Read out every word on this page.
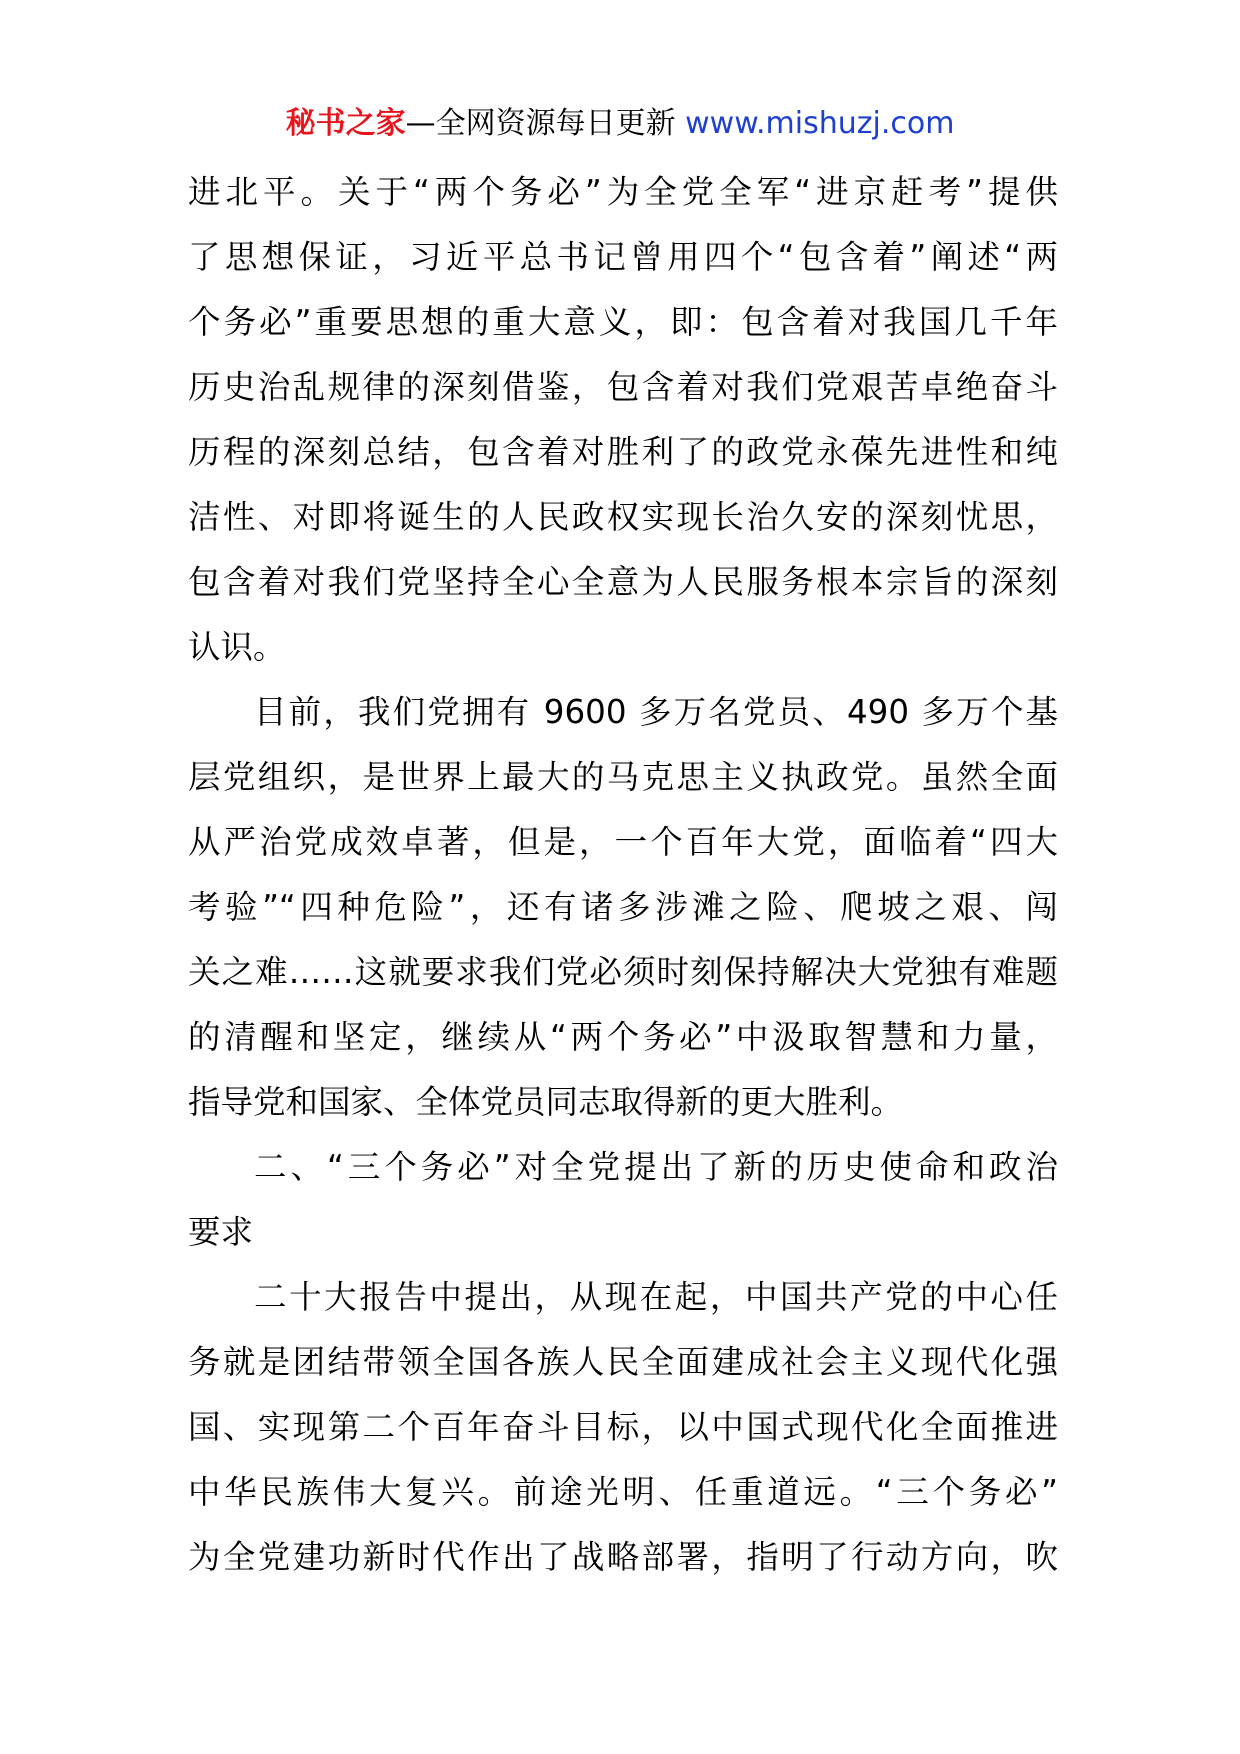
秘书之家—全网资源每日更新 www.mishuzj.com
进北平。关于“两个务必”为全党全军“进京赶考”提供
了思想保证，习近平总书记曾用四个“包含着”阐述“两
个务必”重要思想的重大意义，即：包含着对我国几千年
历史治乱规律的深刻借鉴，包含着对我们党艰苦卓绝奋斗
历程的深刻总结，包含着对胜利了的政党永葆先进性和纯
洁性、对即将诞生的人民政权实现长治久安的深刻忧思，
包含着对我们党坚持全心全意为人民服务根本宗旨的深刻
认识。
目前，我们党拥有 9600 多万名党员、490 多万个基
层党组织，是世界上最大的马克思主义执政党。虽然全面
从严治党成效卓著，但是，一个百年大党，面临着“四大
考验”“四种危险”，还有诸多涉滩之险、爬坡之艰、闯
关之难……这就要求我们党必须时刻保持解决大党独有难题
的清醒和坚定，继续从“两个务必”中汲取智慧和力量，
指导党和国家、全体党员同志取得新的更大胜利。
二、“三个务必”对全党提出了新的历史使命和政治
要求
二十大报告中提出，从现在起，中国共产党的中心任
务就是团结带领全国各族人民全面建成社会主义现代化强
国、实现第二个百年奋斗目标，以中国式现代化全面推进
中华民族伟大复兴。前途光明、任重道远。“三个务必”
为全党建功新时代作出了战略部署，指明了行动方向，吹
